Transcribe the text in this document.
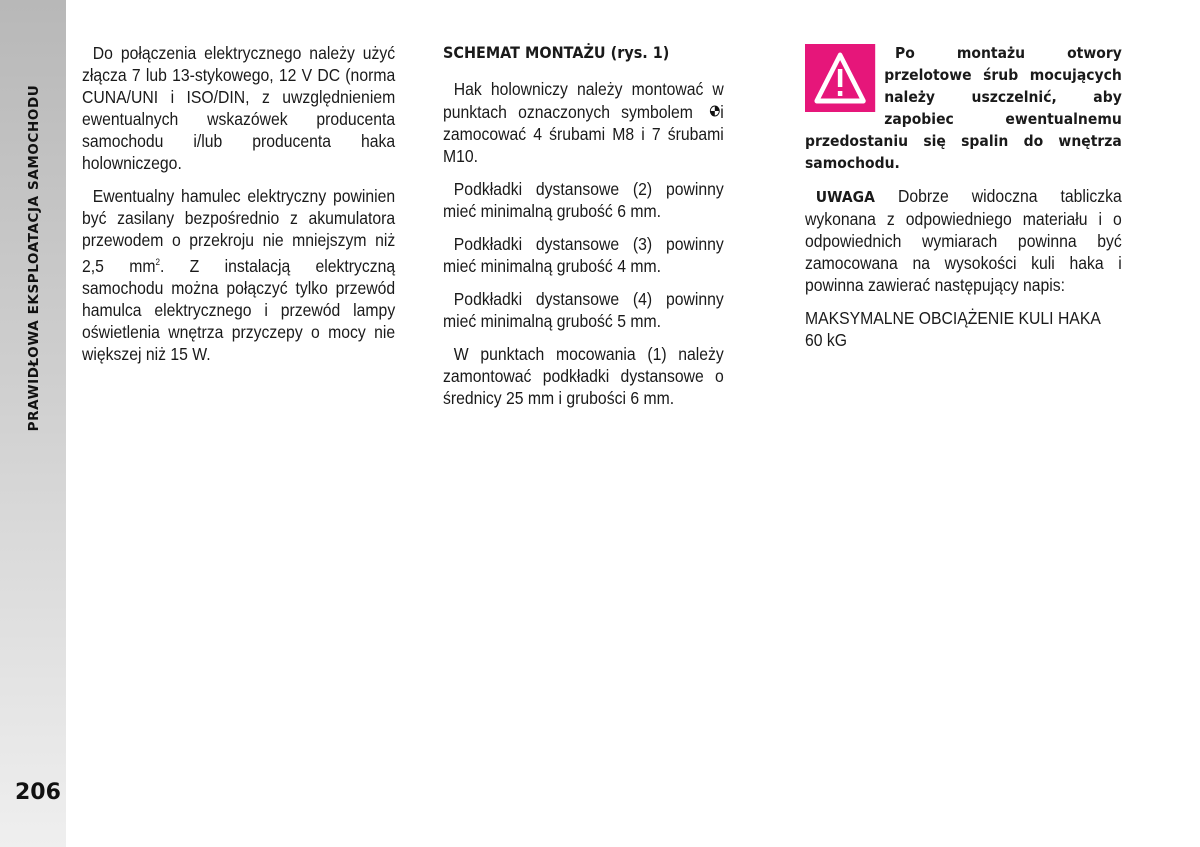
PRAWIDŁOWA EKSPLOATACJA SAMOCHODU
206

Do połączenia elektrycznego należy użyć złącza 7 lub 13-stykowego, 12 V DC (norma CUNA/UNI i ISO/DIN, z uwzględnieniem ewentualnych wskazówek producenta samochodu i/lub producenta haka holowniczego.

Ewentualny hamulec elektryczny powinien być zasilany bezpośrednio z akumulatora przewodem o przekroju nie mniejszym niż 2,5 $mm^2$. Z instalacją elektryczną samochodu można połączyć tylko przewód hamulca elektrycznego i przewód lampy oświetlenia wnętrza przyczepy o mocy nie większej niż 15 W.

SCHEMAT MONTAŻU (rys. 1)

Hak holowniczy należy montować w punktach oznaczonych symbolem i zamocować 4 śrubami M8 i 7 śrubami M10.

Podkładki dystansowe (2) powinny mieć minimalną grubość 6 mm.

Podkładki dystansowe (3) powinny mieć minimalną grubość 4 mm.

Podkładki dystansowe (4) powinny mieć minimalną grubość 5 mm.

W punktach mocowania (1) należy zamontować podkładki dystansowe o średnicy 25 mm i grubości 6 mm.

Po montażu otwory przelotowe śrub mocujących należy uszczelnić, aby zapobiec ewentualnemu przedostaniu się spalin do wnętrza samochodu.

UWAGA Dobrze widoczna tabliczka wykonana z odpowiedniego materiału i o odpowiednich wymiarach powinna być zamocowana na wysokości kuli haka i powinna zawierać następujący napis:

MAKSYMALNE OBCIĄŻENIE KULI HAKA
60 kG
